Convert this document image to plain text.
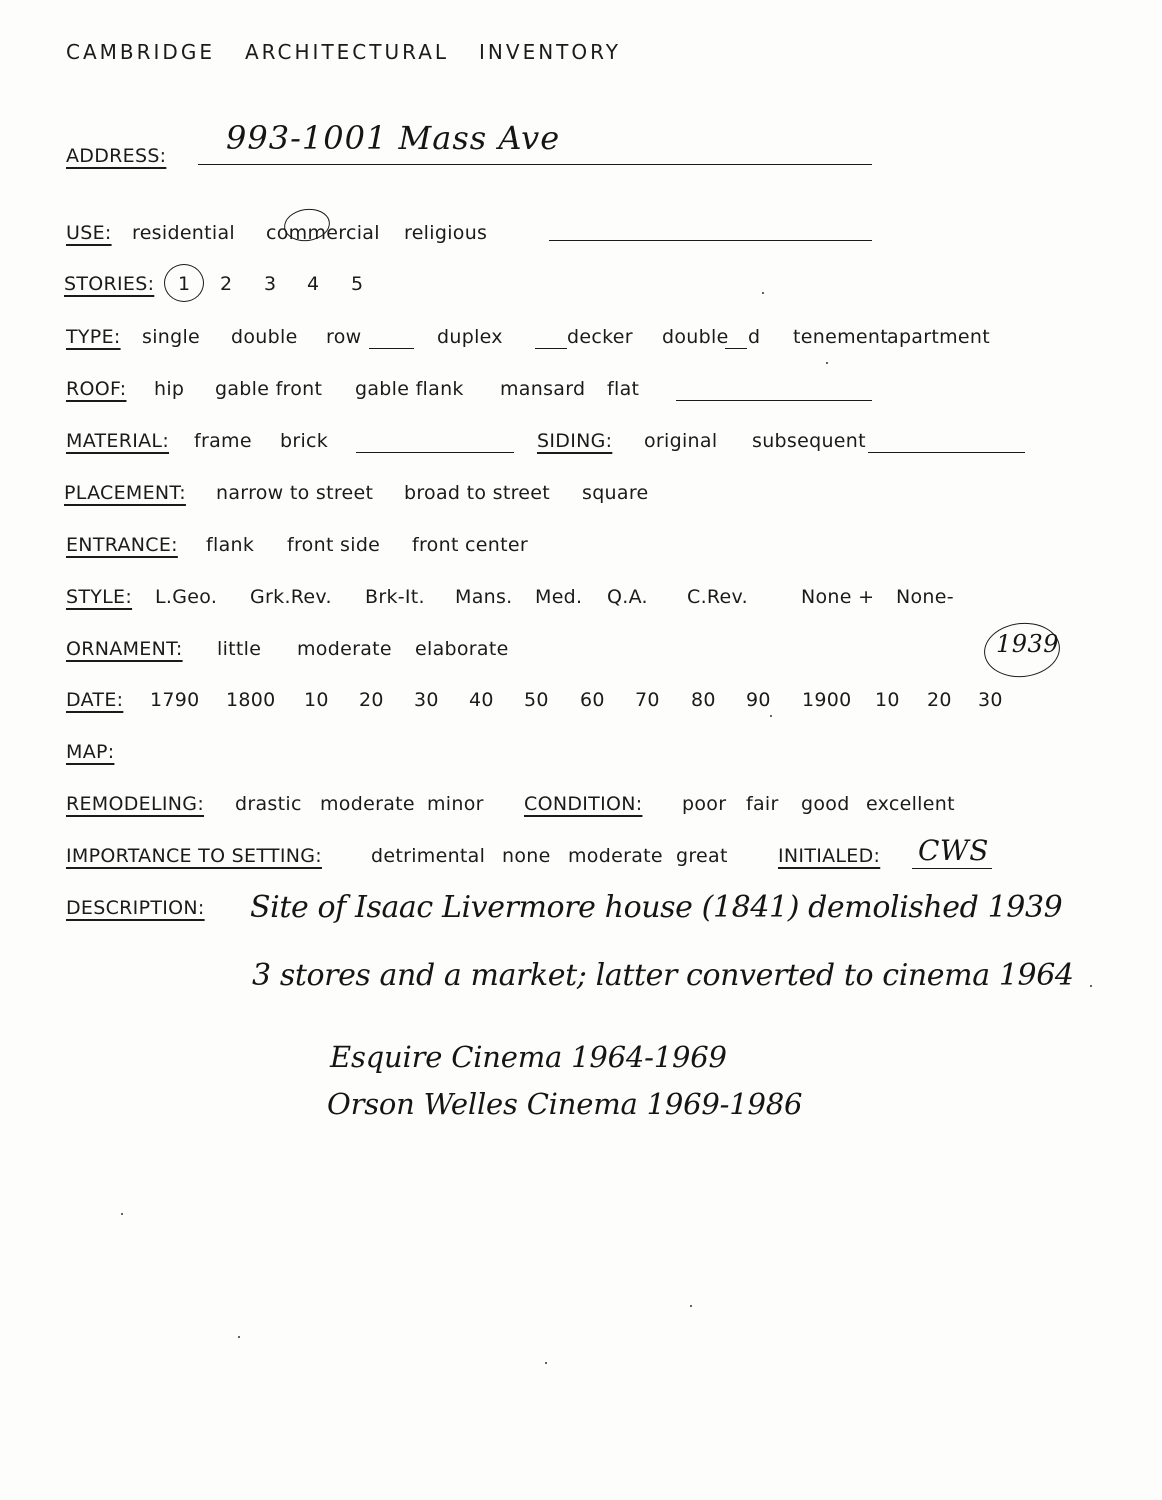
CAMBRIDGE ARCHITECTURAL INVENTORY
ADDRESS: 993-1001 Mass Ave
USE: residential commercial religious
STORIES: 1 2 3 4 5
TYPE: single double row	duplex	decker double d tenement apartment
ROOF: hip gable front gable flank mansard flat
MATERIAL: frame brick	SIDING: original subsequent
PLACEMENT: narrow to street broad to street square
ENTRANCE: flank front side front center
STYLE: L.Geo. Grk.Rev. Brk-It. Mans. Med. Q.A. C.Rev.	None + None-
ORNAMENT: little moderate elaborate	1939
DATE: 1790 1800 10 20 30 40 50 60 70 80 90 1900 10 20 30
MAP:
REMODELING: drastic moderate minor CONDITION: poor fair good excellent
IMPORTANCE TO SETTING:	detrimental none moderate great	INITIALED: CWS
DESCRIPTION: Site of Isaac Livermore house (1841) demolished 1939
3 stores and a market; latter converted to cinema 1964
Esquire Cinema 1964-1969
Orson Welles Cinema 1969-1986
